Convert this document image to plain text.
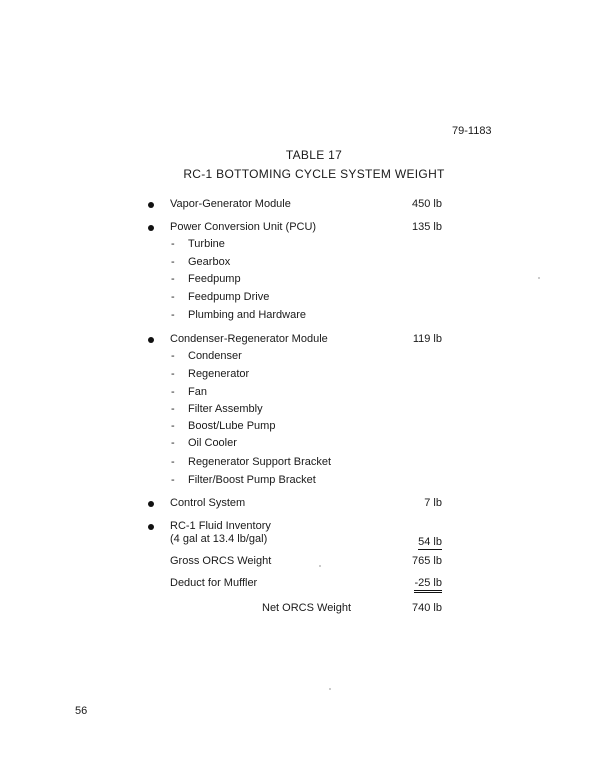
79-1183
TABLE 17
RC-1 BOTTOMING CYCLE SYSTEM WEIGHT
Vapor-Generator Module	450 lb
Power Conversion Unit (PCU)	135 lb
- Turbine
- Gearbox
- Feedpump
- Feedpump Drive
- Plumbing and Hardware
Condenser-Regenerator Module	119 lb
- Condenser
- Regenerator
- Fan
- Filter Assembly
- Boost/Lube Pump
- Oil Cooler
- Regenerator Support Bracket
- Filter/Boost Pump Bracket
Control System	7 lb
RC-1 Fluid Inventory
(4 gal at 13.4 lb/gal)	54 lb
Gross ORCS Weight	765 lb
Deduct for Muffler	-25 lb
Net ORCS Weight	740 lb
56
